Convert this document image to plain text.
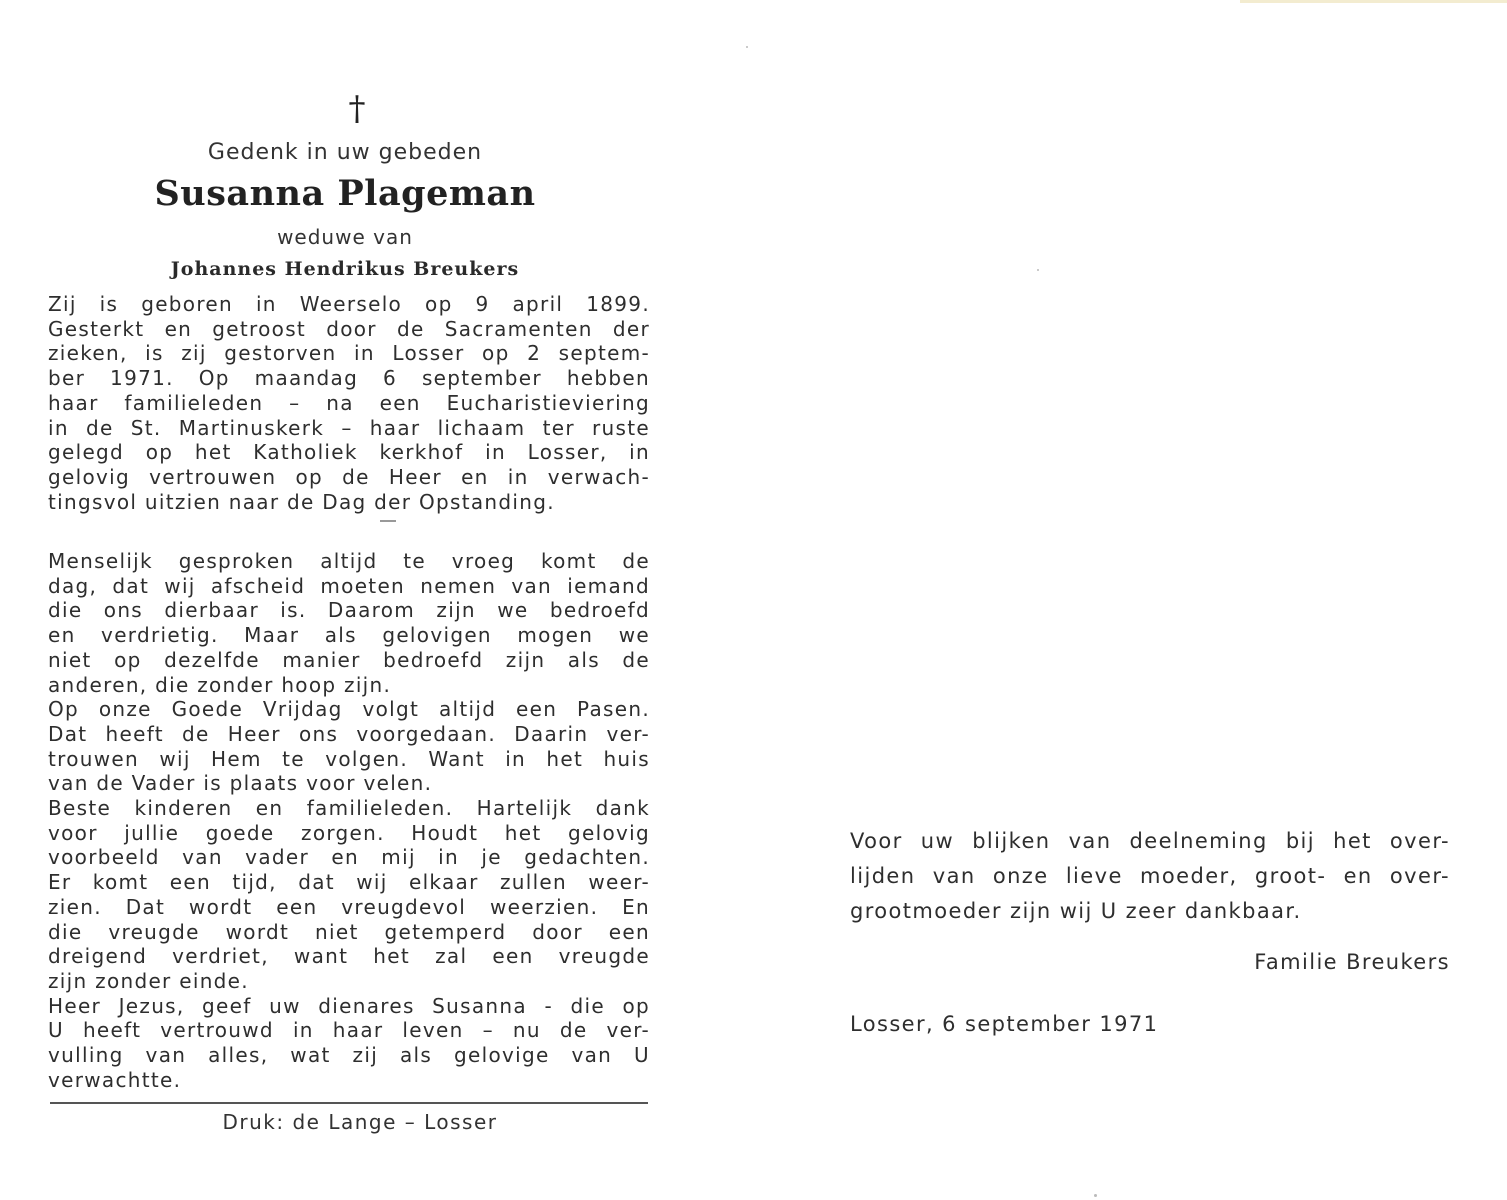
†
Gedenk in uw gebeden
Susanna Plageman
weduwe van
Johannes Hendrikus Breukers
Zij is geboren in Weerselo op 9 april 1899.
Gesterkt en getroost door de Sacramenten der
zieken, is zij gestorven in Losser op 2 septem-
ber 1971. Op maandag 6 september hebben
haar familieleden – na een Eucharistieviering
in de St. Martinuskerk – haar lichaam ter ruste
gelegd op het Katholiek kerkhof in Losser, in
gelovig vertrouwen op de Heer en in verwach-
tingsvol uitzien naar de Dag der Opstanding.
Menselijk gesproken altijd te vroeg komt de
dag, dat wij afscheid moeten nemen van iemand
die ons dierbaar is. Daarom zijn we bedroefd
en verdrietig. Maar als gelovigen mogen we
niet op dezelfde manier bedroefd zijn als de
anderen, die zonder hoop zijn.
Op onze Goede Vrijdag volgt altijd een Pasen.
Dat heeft de Heer ons voorgedaan. Daarin ver-
trouwen wij Hem te volgen. Want in het huis
van de Vader is plaats voor velen.
Beste kinderen en familieleden. Hartelijk dank
voor jullie goede zorgen. Houdt het gelovig
voorbeeld van vader en mij in je gedachten.
Er komt een tijd, dat wij elkaar zullen weer-
zien. Dat wordt een vreugdevol weerzien. En
die vreugde wordt niet getemperd door een
dreigend verdriet, want het zal een vreugde
zijn zonder einde.
Heer Jezus, geef uw dienares Susanna - die op
U heeft vertrouwd in haar leven – nu de ver-
vulling van alles, wat zij als gelovige van U
verwachtte.
Druk: de Lange – Losser
Voor uw blijken van deelneming bij het over-
lijden van onze lieve moeder, groot- en over-
grootmoeder zijn wij U zeer dankbaar.
Familie Breukers
Losser, 6 september 1971
